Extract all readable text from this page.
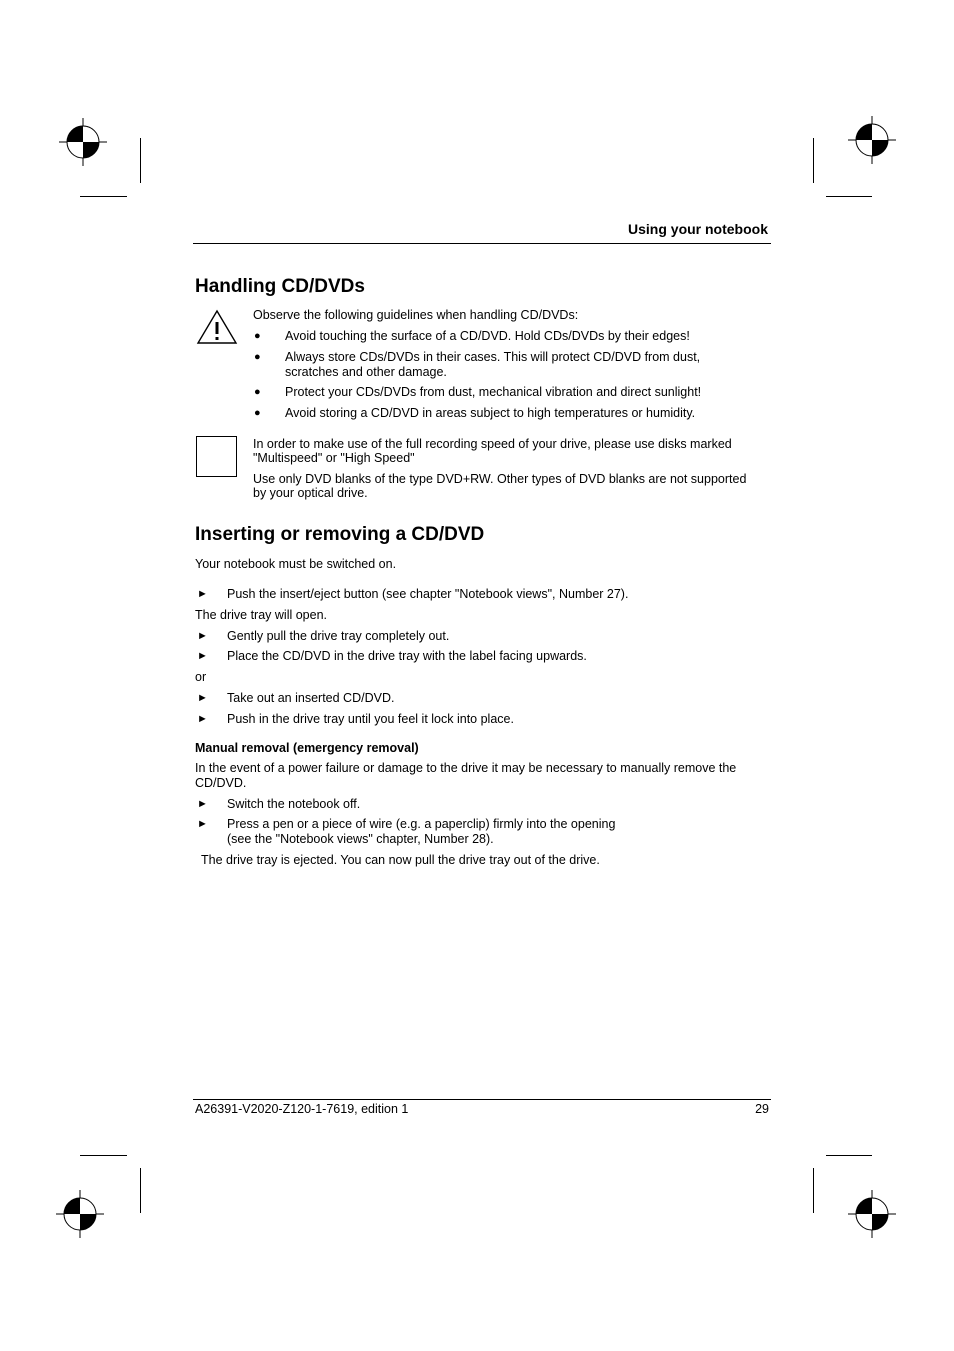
Using your notebook
Handling CD/DVDs
Observe the following guidelines when handling CD/DVDs:
● Avoid touching the surface of a CD/DVD. Hold CDs/DVDs by their edges!
● Always store CDs/DVDs in their cases. This will protect CD/DVD from dust,
scratches and other damage.
● Protect your CDs/DVDs from dust, mechanical vibration and direct sunlight!
● Avoid storing a CD/DVD in areas subject to high temperatures or humidity.
In order to make use of the full recording speed of your drive, please use disks marked
"Multispeed" or "High Speed"
Use only DVD blanks of the type DVD+RW. Other types of DVD blanks are not supported
by your optical drive.
Inserting or removing a CD/DVD
Your notebook must be switched on.
► Push the insert/eject button (see chapter "Notebook views", Number 27).
The drive tray will open.
► Gently pull the drive tray completely out.
► Place the CD/DVD in the drive tray with the label facing upwards.
or
► Take out an inserted CD/DVD.
► Push in the drive tray until you feel it lock into place.
Manual removal (emergency removal)
In the event of a power failure or damage to the drive it may be necessary to manually remove the
CD/DVD.
► Switch the notebook off.
► Press a pen or a piece of wire (e.g. a paperclip) firmly into the opening
(see the "Notebook views" chapter, Number 28).
The drive tray is ejected. You can now pull the drive tray out of the drive.
A26391-V2020-Z120-1-7619, edition 1	29
